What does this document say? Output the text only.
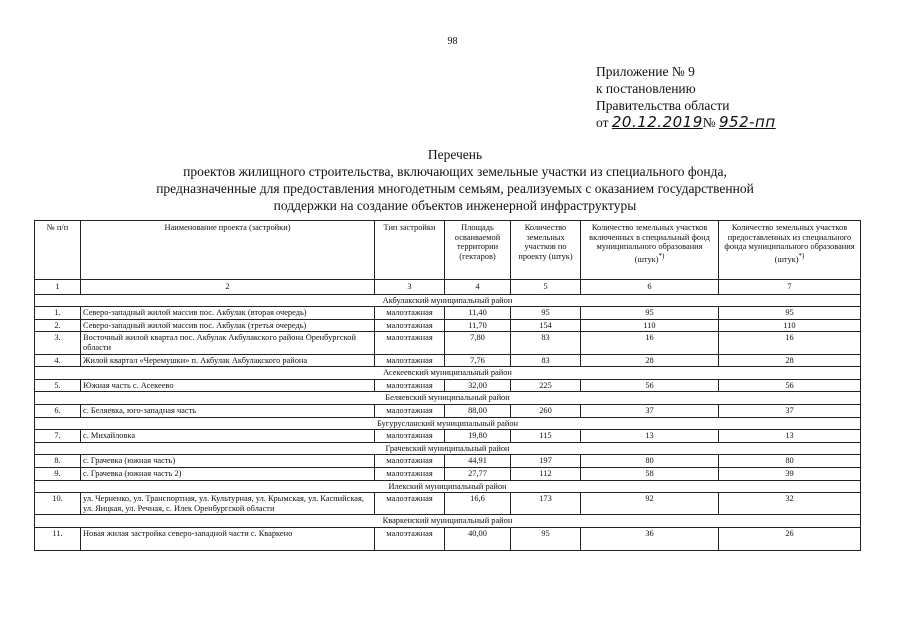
98
Приложение № 9
к постановлению
Правительства области
от 20.12.2019№ 952-пп
Перечень
проектов жилищного строительства, включающих земельные участки из специального фонда,
предназначенные для предоставления многодетным семьям, реализуемых с оказанием государственной
поддержки на создание объектов инженерной инфраструктуры
№ п/п	Наименование проекта (застройки)	Тип застройки	Площадь осваиваемой территории (гектаров)	Количество земельных участков по проекту (штук)	Количество земельных участков включенных в специальный фонд муниципального образования (штук)*)	Количество земельных участков предоставленных из специального фонда муниципального образования (штук)*)
1	2	3	4	5	6	7
Акбулакский муниципальный район						
1.	Северо-западный жилой массив пос. Акбулак (вторая очередь)	малоэтажная	11,40	95	95	95
2.	Северо-западный жилой массив пос. Акбулак (третья очередь)	малоэтажная	11,70	154	110	110
3.	Восточный жилой квартал пос. Акбулак Акбулакского района Оренбургской области	малоэтажная	7,80	83	16	16
4.	Жилой квартал «Черемушки» п. Акбулак Акбулакского района	малоэтажная	7,76	83	28	28
Асекеевский муниципальный район						
5.	Южная часть с. Асекеево	малоэтажная	32,00	225	56	56
Беляевский муниципальный район						
6.	с. Беляевка, юго-западная часть	малоэтажная	88,00	260	37	37
Бугурусланский муниципальный район						
7.	с. Михайловка	малоэтажная	19,80	115	13	13
Грачевский муниципальный район						
8.	с. Грачевка (южная часть)	малоэтажная	44,91	197	80	80
9.	с. Грачевка (южная часть 2)	малоэтажная	27,77	112	58	39
Илекский муниципальный район						
10.	ул. Черненко, ул. Транспортная, ул. Культурная, ул. Крымская, ул. Каспийская, ул. Яицкая, ул. Речная, с. Илек Оренбургской области	малоэтажная	16,6	173	92	32
Кваркенский муниципальный район						
11.	Новая жилая застройка северо-западной части с. Кваркено	малоэтажная	40,00	95	36	26
